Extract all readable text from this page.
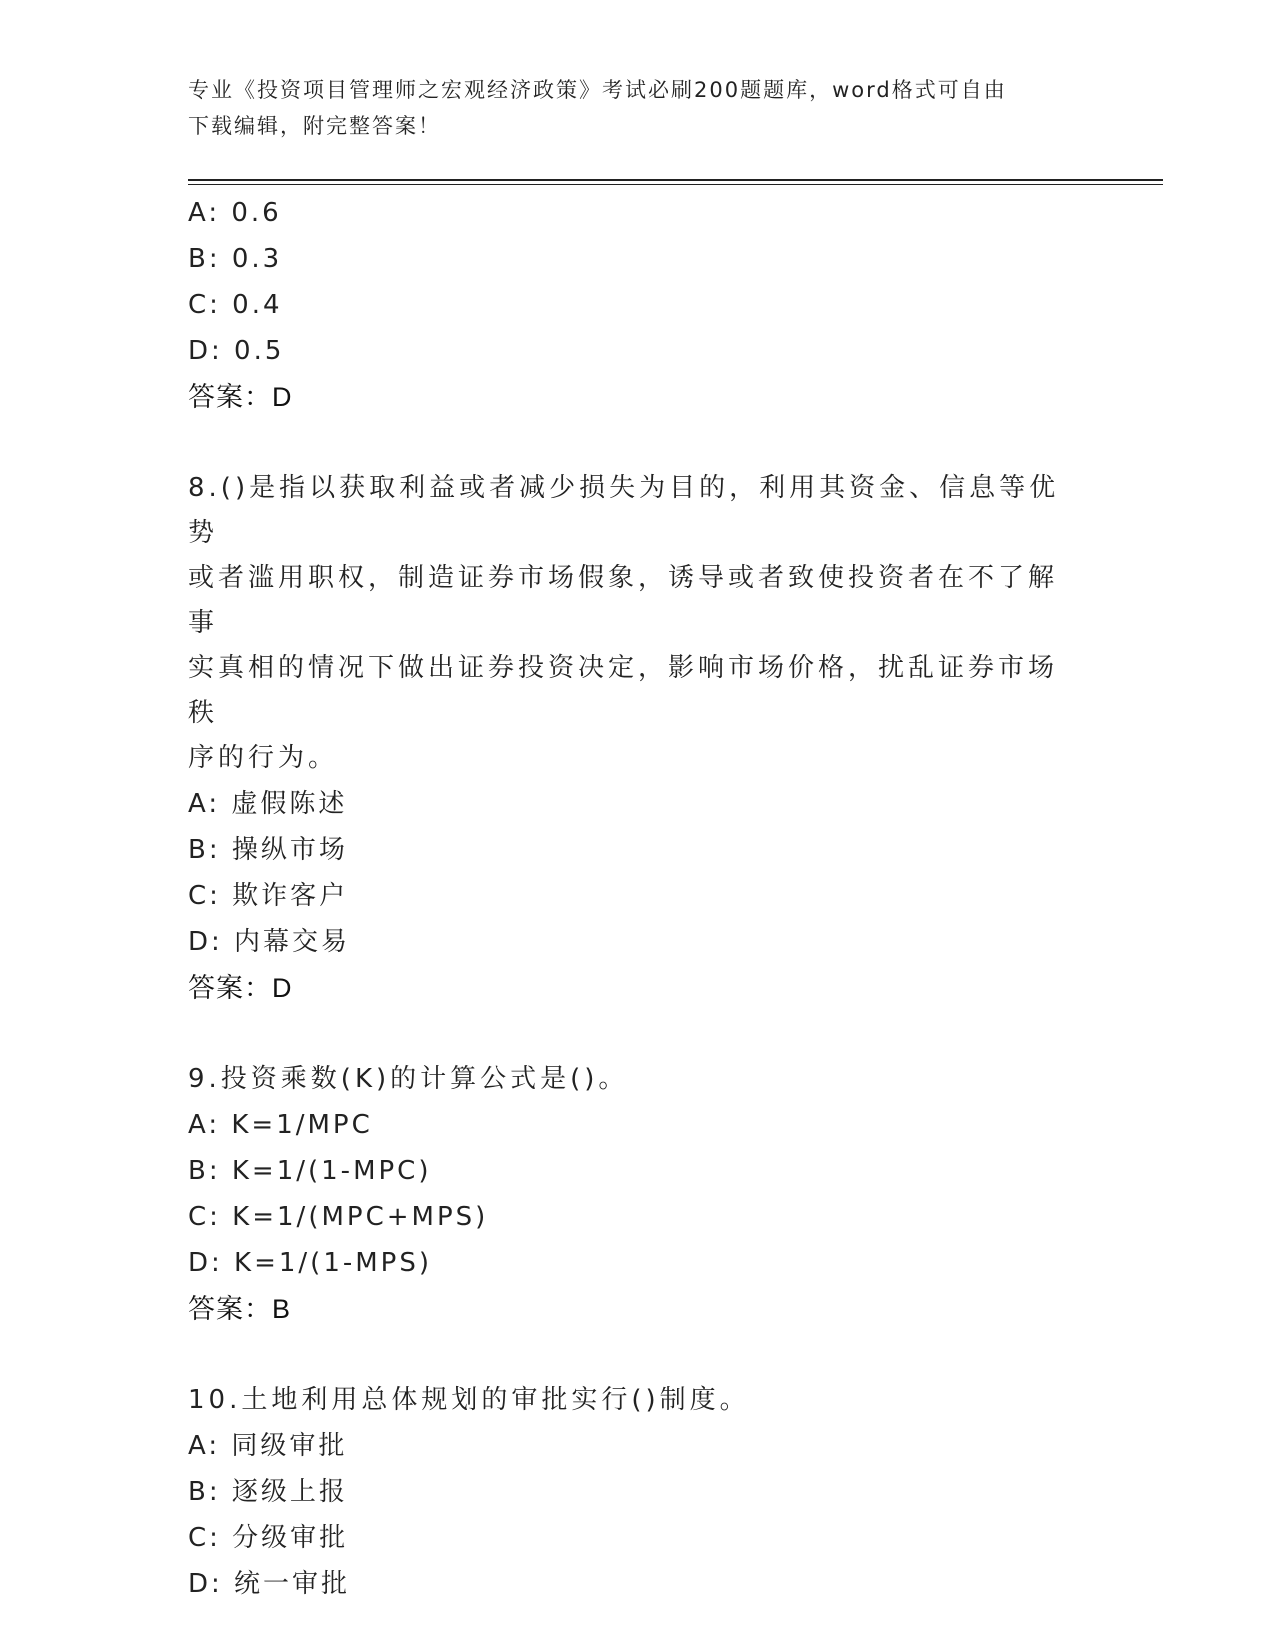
专业《投资项目管理师之宏观经济政策》考试必刷200题题库，word格式可自由
下载编辑，附完整答案！
A: 0.6
B: 0.3
C: 0.4
D: 0.5
答案：D
8.()是指以获取利益或者减少损失为目的，利用其资金、信息等优势
或者滥用职权，制造证券市场假象，诱导或者致使投资者在不了解事
实真相的情况下做出证券投资决定，影响市场价格，扰乱证券市场秩
序的行为。
A: 虚假陈述
B: 操纵市场
C: 欺诈客户
D: 内幕交易
答案：D
9.投资乘数(K)的计算公式是()。
A: K=1/MPC
B: K=1/(1-MPC)
C: K=1/(MPC+MPS)
D: K=1/(1-MPS)
答案：B
10.土地利用总体规划的审批实行()制度。
A: 同级审批
B: 逐级上报
C: 分级审批
D: 统一审批
